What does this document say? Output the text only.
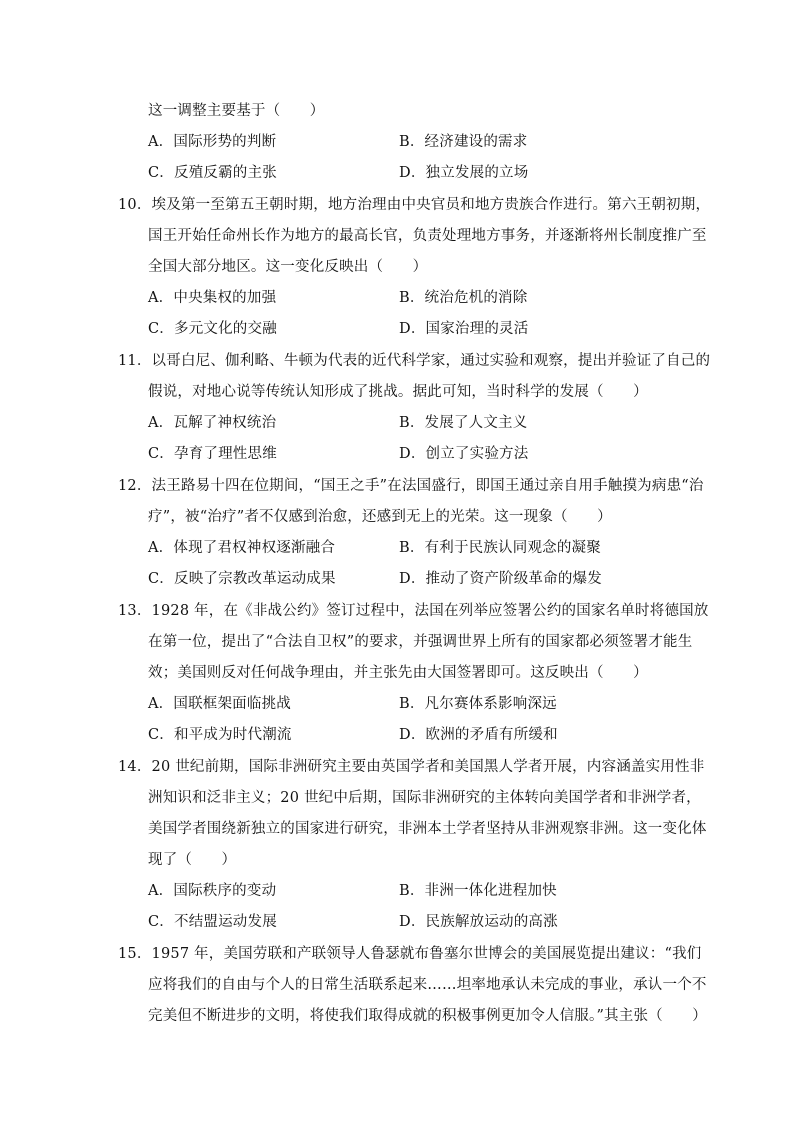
这一调整主要基于（　　）
A．国际形势的判断	B．经济建设的需求
C．反殖反霸的主张	D．独立发展的立场
10．埃及第一至第五王朝时期，地方治理由中央官员和地方贵族合作进行。第六王朝初期，
国王开始任命州长作为地方的最高长官，负责处理地方事务，并逐渐将州长制度推广至
全国大部分地区。这一变化反映出（　　）
A．中央集权的加强	B．统治危机的消除
C．多元文化的交融	D．国家治理的灵活
11．以哥白尼、伽利略、牛顿为代表的近代科学家，通过实验和观察，提出并验证了自己的
假说，对地心说等传统认知形成了挑战。据此可知，当时科学的发展（　　）
A．瓦解了神权统治	B．发展了人文主义
C．孕育了理性思维	D．创立了实验方法
12．法王路易十四在位期间，“国王之手”在法国盛行，即国王通过亲自用手触摸为病患“治
疗”，被“治疗”者不仅感到治愈，还感到无上的光荣。这一现象（　　）
A．体现了君权神权逐渐融合	B．有利于民族认同观念的凝聚
C．反映了宗教改革运动成果	D．推动了资产阶级革命的爆发
13．1928 年，在《非战公约》签订过程中，法国在列举应签署公约的国家名单时将德国放
在第一位，提出了“合法自卫权”的要求，并强调世界上所有的国家都必须签署才能生
效；美国则反对任何战争理由，并主张先由大国签署即可。这反映出（　　）
A．国联框架面临挑战	B．凡尔赛体系影响深远
C．和平成为时代潮流	D．欧洲的矛盾有所缓和
14．20 世纪前期，国际非洲研究主要由英国学者和美国黑人学者开展，内容涵盖实用性非
洲知识和泛非主义；20 世纪中后期，国际非洲研究的主体转向美国学者和非洲学者，
美国学者围绕新独立的国家进行研究，非洲本土学者坚持从非洲观察非洲。这一变化体
现了（　　）
A．国际秩序的变动	B．非洲一体化进程加快
C．不结盟运动发展	D．民族解放运动的高涨
15．1957 年，美国劳联和产联领导人鲁瑟就布鲁塞尔世博会的美国展览提出建议：“我们
应将我们的自由与个人的日常生活联系起来……坦率地承认未完成的事业，承认一个不
完美但不断进步的文明，将使我们取得成就的积极事例更加令人信服。”其主张（　　）
